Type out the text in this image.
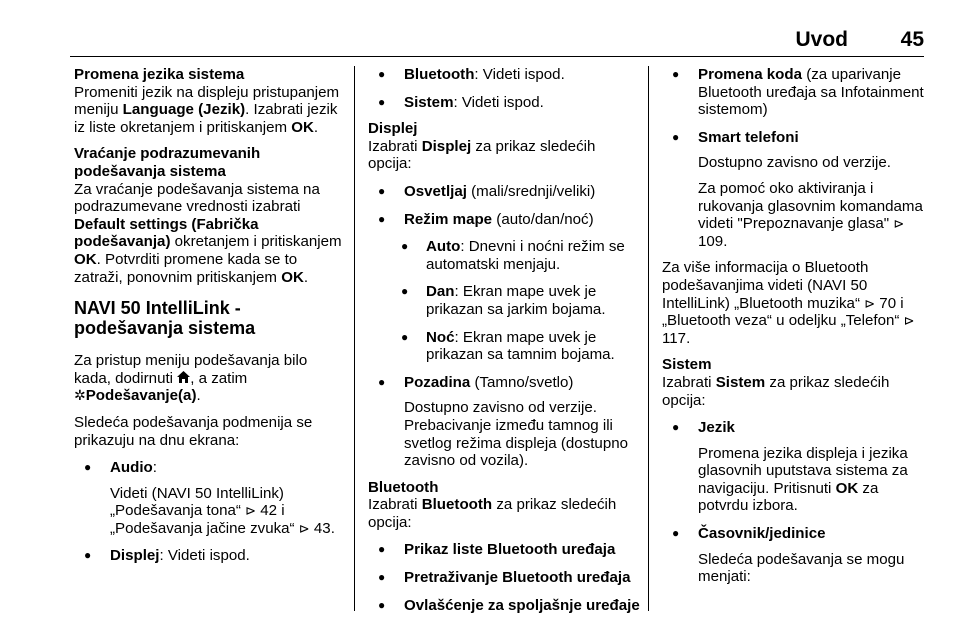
Uvod	45

Promena jezika sistema

Promeniti jezik na displeju pristupanjem meniju Language (Jezik). Izabrati jezik iz liste okretanjem i pritiskanjem OK.

Vraćanje podrazumevanih podešavanja sistema

Za vraćanje podešavanja sistema na podrazumevane vrednosti izabrati Default settings (Fabrička podešavanja) okretanjem i pritiskanjem OK. Potvrditi promene kada se to zatraži, ponovnim pritiskanjem OK.

NAVI 50 IntelliLink - podešavanja sistema

Za pristup meniju podešavanja bilo kada, dodirnuti , a zatim
✲Podešavanje(a).

Sledeća podešavanja podmenija se prikazuju na dnu ekrana:

● Audio:

Videti (NAVI 50 IntelliLink) „Podešavanja tona“ ⊳ 42 i „Podešavanja jačine zvuka“ ⊳ 43.

● Displej: Videti ispod.

● Bluetooth: Videti ispod.

● Sistem: Videti ispod.

Displej

Izabrati Displej za prikaz sledećih opcija:

● Osvetljaj (mali/srednji/veliki)

● Režim mape (auto/dan/noć)

● Auto: Dnevni i noćni režim se automatski menjaju.

● Dan: Ekran mape uvek je prikazan sa jarkim bojama.

● Noć: Ekran mape uvek je prikazan sa tamnim bojama.

● Pozadina (Tamno/svetlo)

Dostupno zavisno od verzije. Prebacivanje između tamnog ili svetlog režima displeja (dostupno zavisno od vozila).

Bluetooth

Izabrati Bluetooth za prikaz sledećih opcija:

● Prikaz liste Bluetooth uređaja

● Pretraživanje Bluetooth uređaja

● Ovlašćenje za spoljašnje uređaje

● Promena koda (za uparivanje Bluetooth uređaja sa Infotainment sistemom)

● Smart telefoni

Dostupno zavisno od verzije.

Za pomoć oko aktiviranja i rukovanja glasovnim komandama videti "Prepoznavanje glasa" ⊳ 109.

Za više informacija o Bluetooth podešavanjima videti (NAVI 50 IntelliLink) „Bluetooth muzika“ ⊳ 70 i „Bluetooth veza“ u odeljku „Telefon“ ⊳ 117.

Sistem

Izabrati Sistem za prikaz sledećih opcija:

● Jezik

Promena jezika displeja i jezika glasovnih uputstava sistema za navigaciju. Pritisnuti OK za potvrdu izbora.

● Časovnik/jedinice

Sledeća podešavanja se mogu menjati:
